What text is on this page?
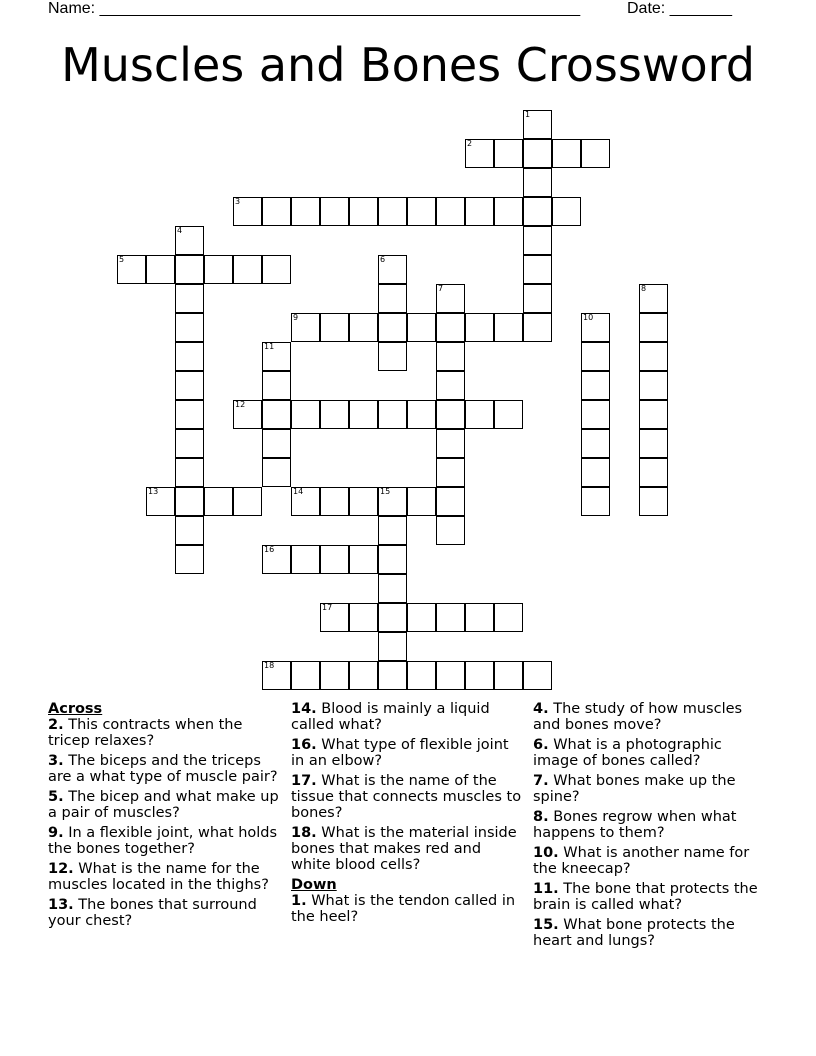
Name: ______________________________________________________	Date: _______
Muscles and Bones Crossword
1
2
3
4
5	6
7	8
9	10
11
12
13	14	15
16
17
18
Across
2. This contracts when the tricep relaxes?
3. The biceps and the triceps are a what type of muscle pair?
5. The bicep and what make up a pair of muscles?
9. In a flexible joint, what holds the bones together?
12. What is the name for the muscles located in the thighs?
13. The bones that surround your chest?
14. Blood is mainly a liquid called what?
16. What type of flexible joint in an elbow?
17. What is the name of the tissue that connects muscles to bones?
18. What is the material inside bones that makes red and white blood cells?
Down
1. What is the tendon called in the heel?
4. The study of how muscles and bones move?
6. What is a photographic image of bones called?
7. What bones make up the spine?
8. Bones regrow when what happens to them?
10. What is another name for the kneecap?
11. The bone that protects the brain is called what?
15. What bone protects the heart and lungs?
